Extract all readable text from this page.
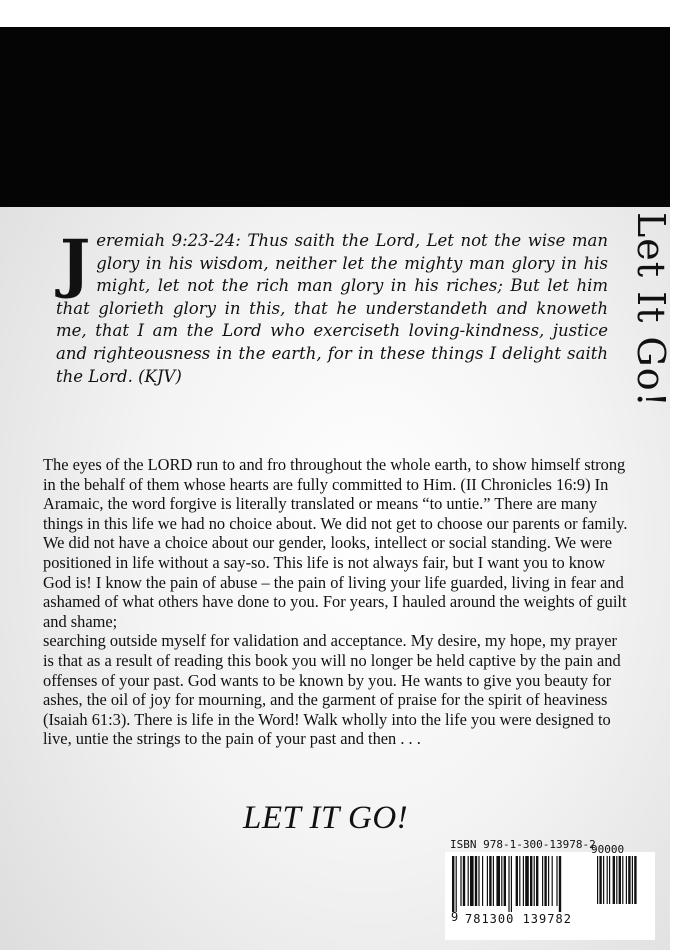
Let It Go!
Jeremiah 9:23-24: Thus saith the Lord, Let not the wise man glory in his wisdom, neither let the mighty man glory in his might, let not the rich man glory in his riches; But let him that glorieth glory in this, that he understandeth and knoweth me, that I am the Lord who exerciseth loving-kindness, justice and righteousness in the earth, for in these things I delight saith the Lord. (KJV)

The eyes of the LORD run to and fro throughout the whole earth, to show himself strong in the behalf of them whose hearts are fully committed to Him. (II Chronicles 16:9) In Aramaic, the word forgive is literally translated or means “to untie.” There are many things in this life we had no choice about. We did not get to choose our parents or family. We did not have a choice about our gender, looks, intellect or social standing. We were positioned in life without a say-so. This life is not always fair, but I want you to know God is! I know the pain of abuse – the pain of living your life guarded, living in fear and ashamed of what others have done to you. For years, I hauled around the weights of guilt and shame;
searching outside myself for validation and acceptance. My desire, my hope, my prayer is that as a result of reading this book you will no longer be held captive by the pain and offenses of your past. God wants to be known by you. He wants to give you beauty for ashes, the oil of joy for mourning, and the garment of praise for the spirit of heaviness (Isaiah 61:3). There is life in the Word! Walk wholly into the life you were designed to live, untie the strings to the pain of your past and then . . .

LET IT GO!
ISBN 978-1-300-13978-2
90000
9 781300 139782
